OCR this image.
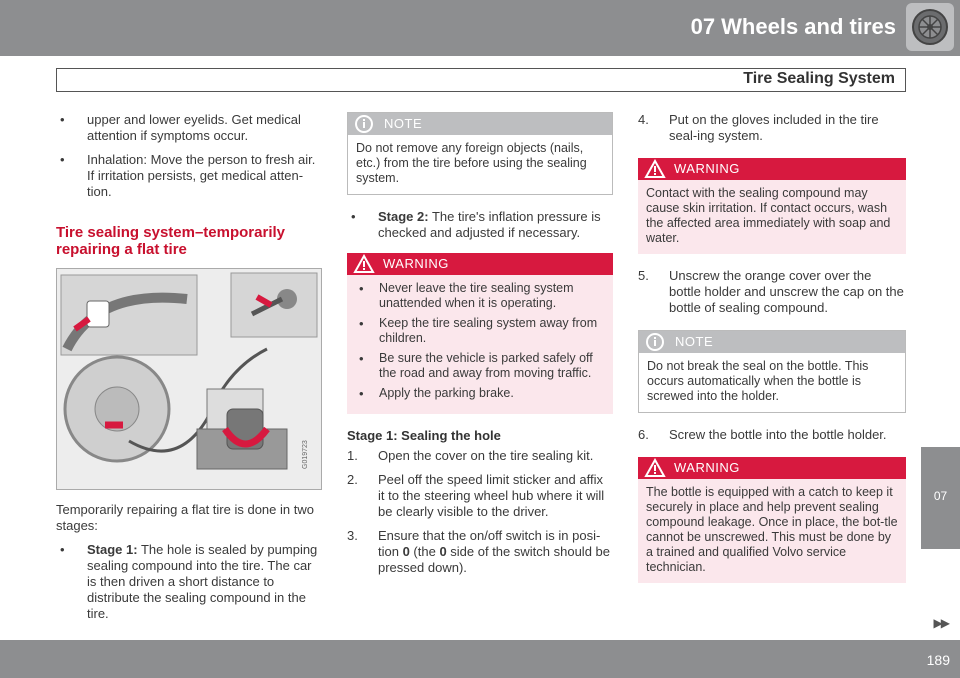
07 Wheels and tires
Tire Sealing System
• upper and lower eyelids. Get medical attention if symptoms occur.
• Inhalation: Move the person to fresh air. If irritation persists, get medical atten-tion.
Tire sealing system–temporarily repairing a flat tire
G019723

Temporarily repairing a flat tire is done in two stages:

• Stage 1: The hole is sealed by pumping sealing compound into the tire. The car is then driven a short distance to distribute the sealing compound in the tire.
NOTE
Do not remove any foreign objects (nails, etc.) from the tire before using the sealing system.
• Stage 2: The tire's inflation pressure is checked and adjusted if necessary.
WARNING
• Never leave the tire sealing system unattended when it is operating.
• Keep the tire sealing system away from children.
• Be sure the vehicle is parked safely off the road and away from moving traffic.
• Apply the parking brake.
Stage 1: Sealing the hole
1. Open the cover on the tire sealing kit.
2. Peel off the speed limit sticker and affix it to the steering wheel hub where it will be clearly visible to the driver.
3. Ensure that the on/off switch is in posi-tion 0 (the 0 side of the switch should be pressed down).
4. Put on the gloves included in the tire seal-ing system.
WARNING
Contact with the sealing compound may cause skin irritation. If contact occurs, wash the affected area immediately with soap and water.
5. Unscrew the orange cover over the bottle holder and unscrew the cap on the bottle of sealing compound.
NOTE
Do not break the seal on the bottle. This occurs automatically when the bottle is screwed into the holder.
6. Screw the bottle into the bottle holder.
WARNING
The bottle is equipped with a catch to keep it securely in place and help prevent sealing compound leakage. Once in place, the bot-tle cannot be unscrewed. This must be done by a trained and qualified Volvo service technician.
07
▶▶
189
